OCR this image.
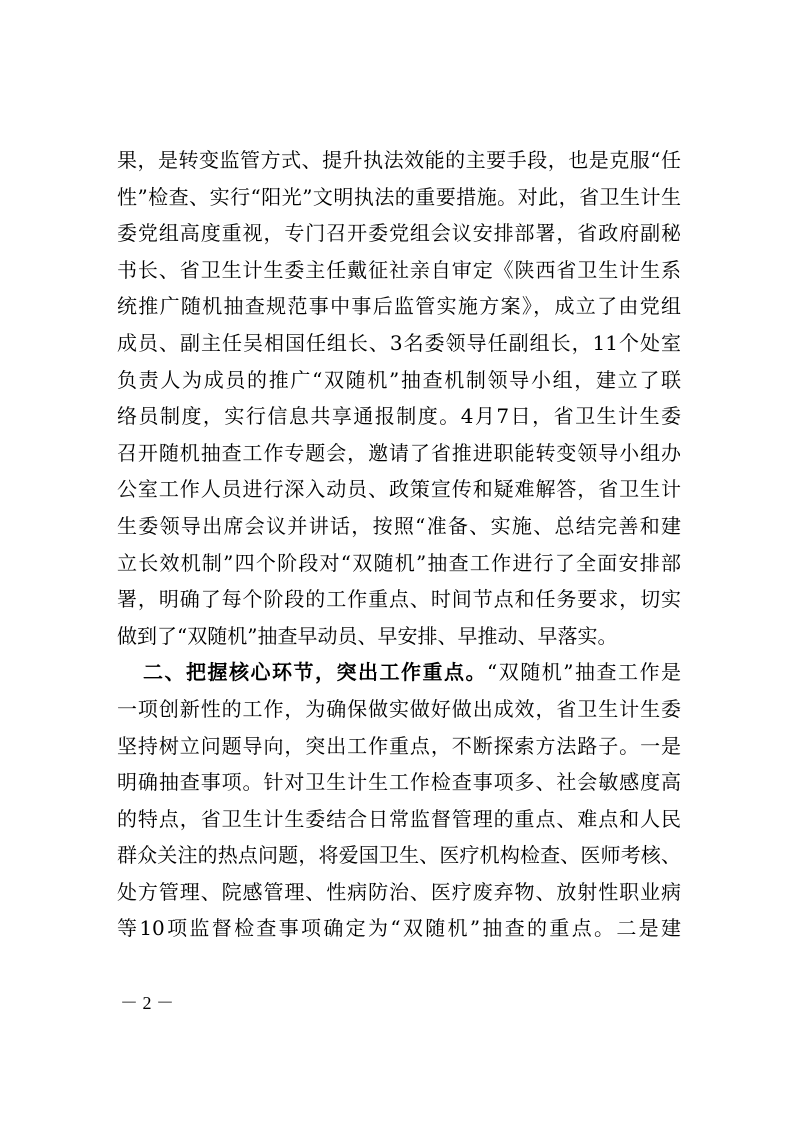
果，是转变监管方式、提升执法效能的主要手段，也是克服“任
性”检查、实行“阳光”文明执法的重要措施。对此，省卫生计生
委党组高度重视，专门召开委党组会议安排部署，省政府副秘
书长、省卫生计生委主任戴征社亲自审定《陕西省卫生计生系
统推广随机抽查规范事中事后监管实施方案》，成立了由党组
成员、副主任吴相国任组长、3名委领导任副组长，11个处室
负责人为成员的推广“双随机”抽查机制领导小组，建立了联
络员制度，实行信息共享通报制度。4月7日，省卫生计生委
召开随机抽查工作专题会，邀请了省推进职能转变领导小组办
公室工作人员进行深入动员、政策宣传和疑难解答，省卫生计
生委领导出席会议并讲话，按照“准备、实施、总结完善和建
立长效机制”四个阶段对“双随机”抽查工作进行了全面安排部
署，明确了每个阶段的工作重点、时间节点和任务要求，切实
做到了“双随机”抽查早动员、早安排、早推动、早落实。
二、把握核心环节，突出工作重点。“双随机”抽查工作是
一项创新性的工作，为确保做实做好做出成效，省卫生计生委
坚持树立问题导向，突出工作重点，不断探索方法路子。一是
明确抽查事项。针对卫生计生工作检查事项多、社会敏感度高
的特点，省卫生计生委结合日常监督管理的重点、难点和人民
群众关注的热点问题，将爱国卫生、医疗机构检查、医师考核、
处方管理、院感管理、性病防治、医疗废弃物、放射性职业病
等10项监督检查事项确定为“双随机”抽查的重点。二是建
－ 2 －
